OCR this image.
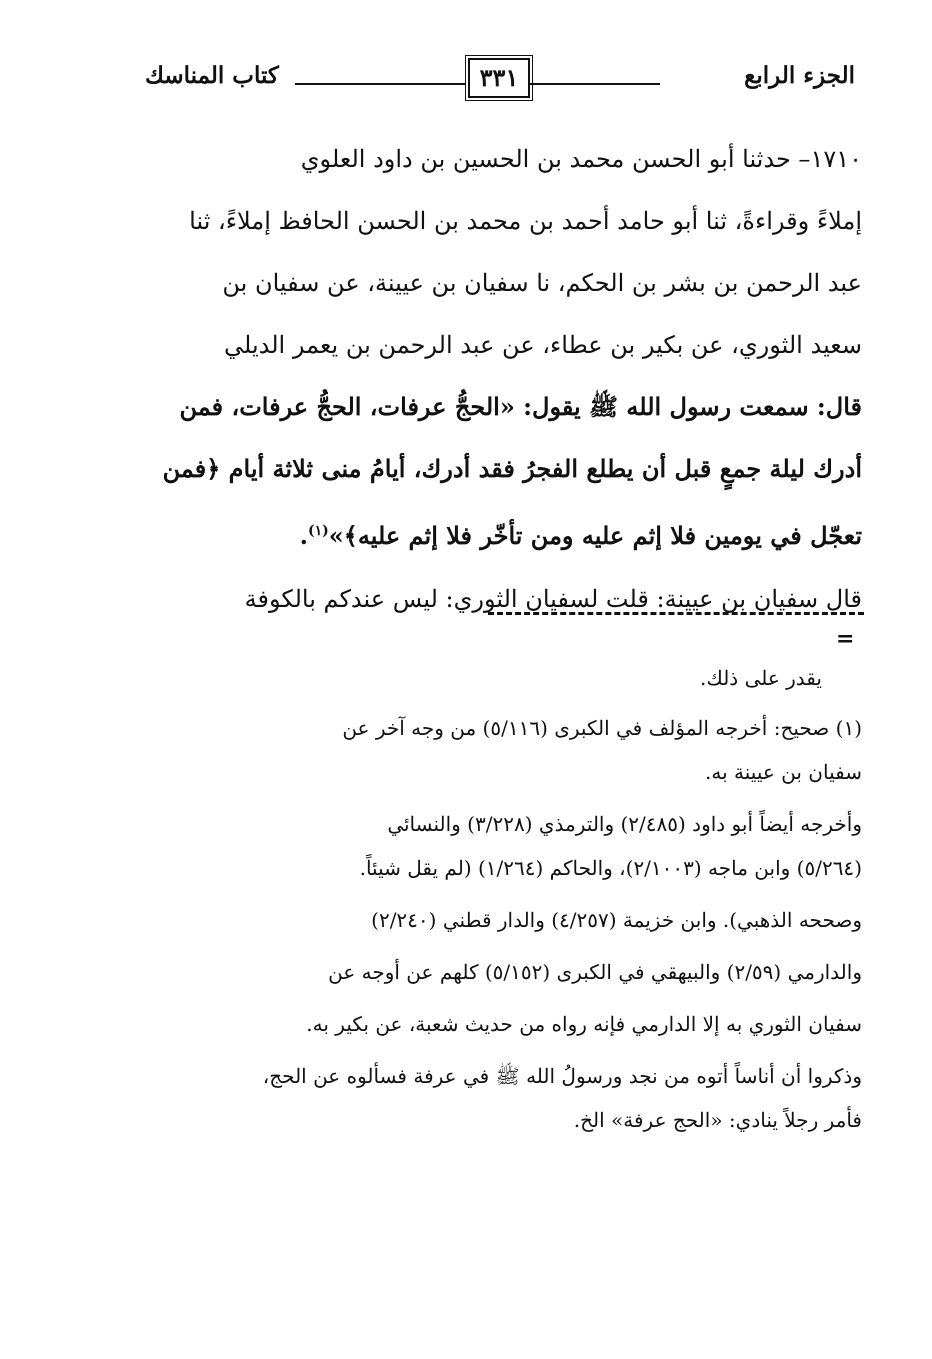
الجزء الرابع
٣٣١
كتاب المناسك
١٧١٠– حدثنا أبو الحسن محمد بن الحسين بن داود العلوي
إملاءً وقراءةً، ثنا أبو حامد أحمد بن محمد بن الحسن الحافظ إملاءً، ثنا
عبد الرحمن بن بشر بن الحكم، نا سفيان بن عيينة، عن سفيان بن
سعيد الثوري، عن بكير بن عطاء، عن عبد الرحمن بن يعمر الديلي
قال: سمعت رسول الله ﷺ يقول: «الحجُّ عرفات، الحجُّ عرفات، فمن
أدرك ليلة جمعٍ قبل أن يطلع الفجرُ فقد أدرك، أيامُ منى ثلاثة أيام ﴿فمن
تعجّل في يومين فلا إثم عليه ومن تأخّر فلا إثم عليه﴾»$^{(١)}$.
قال سفيان بن عيينة: قلت لسفيان الثوري: ليس عندكم بالكوفة
=
يقدر على ذلك.
(١) صحيح: أخرجه المؤلف في الكبرى (٥/١١٦) من وجه آخر عن
سفيان بن عيينة به.
وأخرجه أيضاً أبو داود (٢/٤٨٥) والترمذي (٣/٢٢٨) والنسائي
(٥/٢٦٤) وابن ماجه (٢/١٠٠٣)، والحاكم (١/٢٦٤) (لم يقل شيئاً.
وصححه الذهبي). وابن خزيمة (٤/٢٥٧) والدار قطني (٢/٢٤٠)
والدارمي (٢/٥٩) والبيهقي في الكبرى (٥/١٥٢) كلهم عن أوجه عن
سفيان الثوري به إلا الدارمي فإنه رواه من حديث شعبة، عن بكير به.
وذكروا أن أناساً أتوه من نجد ورسولُ الله ﷺ في عرفة فسألوه عن الحج،
فأمر رجلاً ينادي: «الحج عرفة» الخ.
